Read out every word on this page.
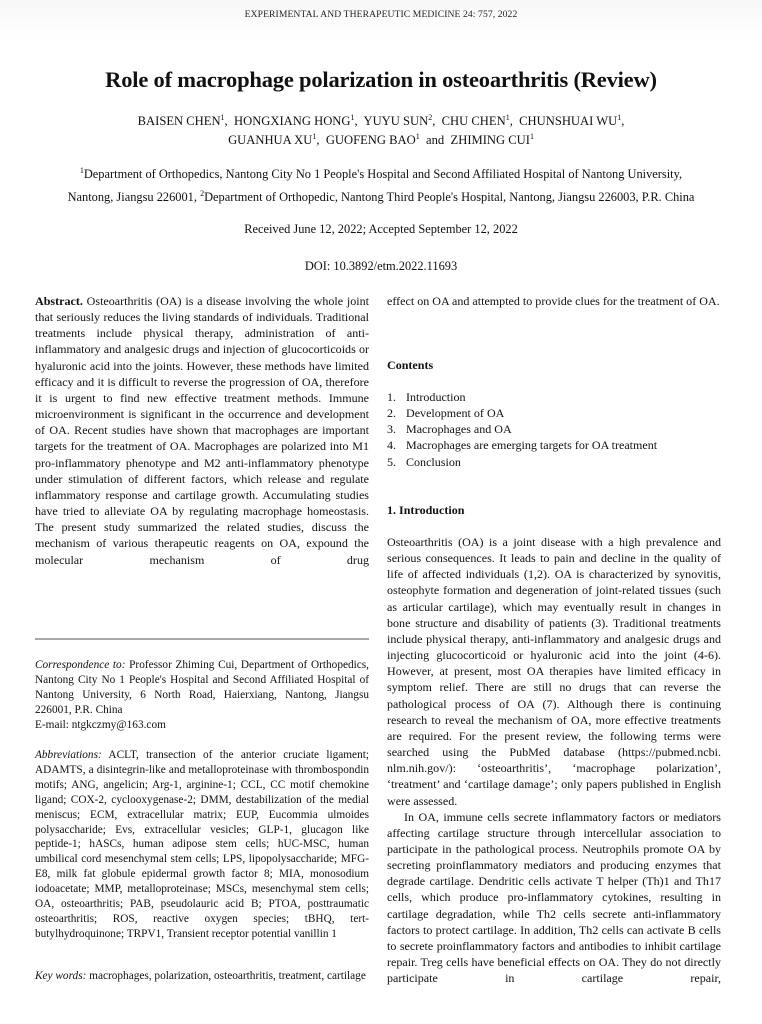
EXPERIMENTAL AND THERAPEUTIC MEDICINE 24: 757, 2022
Role of macrophage polarization in osteoarthritis (Review)
BAISEN CHEN$^1$,  HONGXIANG HONG$^1$,  YUYU SUN$^2$,  CHU CHEN$^1$,  CHUNSHUAI $WU^1$,
GUANHUA $XU^1$,  GUOFENG BAO$^1$ and ZHIMING CUI$^1$
$^1$Department of Orthopedics, Nantong City No 1 People's Hospital and Second Affiliated Hospital of Nantong University,
Nantong, Jiangsu 226001, $^2$Department of Orthopedic, Nantong Third People's Hospital, Nantong, Jiangsu 226003, P.R. China
Received June 12, 2022; Accepted September 12, 2022
DOI: 10.3892/etm.2022.11693

Abstract. Osteoarthritis (OA) is a disease involving the whole joint that seriously reduces the living standards of individuals. Traditional treatments include physical therapy, administration of anti-inflammatory and analgesic drugs and injection of glucocorticoids or hyaluronic acid into the joints. However, these methods have limited efficacy and it is difficult to reverse the progression of OA, therefore it is urgent to find new effective treatment methods. Immune microenvironment is significant in the occurrence and development of OA. Recent studies have shown that macrophages are important targets for the treatment of OA. Macrophages are polarized into M1 pro-inflammatory phenotype and M2 anti-inflammatory phenotype under stimulation of different factors, which release and regulate inflammatory response and cartilage growth. Accumulating studies have tried to alleviate OA by regulating macrophage homeostasis. The present study summarized the related studies, discuss the mechanism of various therapeutic reagents on OA, expound the molecular mechanism of drug

Correspondence to: Professor Zhiming Cui, Department of Orthopedics, Nantong City No 1 People's Hospital and Second Affiliated Hospital of Nantong University, 6 North Road, Haierxiang, Nantong, Jiangsu 226001, P.R. China

E-mail: ntgkczmy@163.com

Abbreviations: ACLT, transection of the anterior cruciate ligament; ADAMTS, a disintegrin-like and metalloproteinase with thrombospondin motifs; ANG, angelicin; Arg-1, arginine-1; CCL, CC motif chemokine ligand; COX-2, cyclooxygenase-2; DMM, destabilization of the medial meniscus; ECM, extracellular matrix; EUP, Eucommia ulmoides polysaccharide; Evs, extracellular vesicles; GLP-1, glucagon like peptide-1; hASCs, human adipose stem cells; hUC-MSC, human umbilical cord mesenchymal stem cells; LPS, lipopolysaccharide; MFG-E8, milk fat globule epidermal growth factor 8; MIA, monosodium iodoacetate; MMP, metalloproteinase; MSCs, mesenchymal stem cells; OA, osteoarthritis; PAB, pseudolauric acid B; PTOA, posttraumatic osteoarthritis; ROS, reactive oxygen species; tBHQ, tert-butylhydroquinone; TRPV1, Transient receptor potential vanillin 1

Key words: macrophages, polarization, osteoarthritis, treatment, cartilage

effect on OA and attempted to provide clues for the treatment of OA.

Contents
1. Introduction
2. Development of OA
3. Macrophages and OA
4. Macrophages are emerging targets for OA treatment
5. Conclusion
1. Introduction

Osteoarthritis (OA) is a joint disease with a high prevalence and serious consequences. It leads to pain and decline in the quality of life of affected individuals (1,2). OA is characterized by synovitis, osteophyte formation and degeneration of joint-related tissues (such as articular cartilage), which may eventually result in changes in bone structure and disability of patients (3). Traditional treatments include physical therapy, anti-inflammatory and analgesic drugs and injecting glucocorticoid or hyaluronic acid into the joint (4-6). However, at present, most OA therapies have limited efficacy in symptom relief. There are still no drugs that can reverse the pathological process of OA (7). Although there is continuing research to reveal the mechanism of OA, more effective treatments are required. For the present review, the following terms were searched using the PubMed database (https://pubmed.ncbi.​nlm.nih.gov/): ‘osteoarthritis’, ‘macrophage polarization’, ‘treatment’ and ‘cartilage damage’; only papers published in English were assessed.

In OA, immune cells secrete inflammatory factors or mediators affecting cartilage structure through intercellular association to participate in the pathological process. Neutrophils promote OA by secreting proinflammatory mediators and producing enzymes that degrade cartilage. Dendritic cells activate T helper (Th)1 and Th17 cells, which produce pro-inflammatory cytokines, resulting in cartilage degradation, while Th2 cells secrete anti-inflammatory factors to protect cartilage. In addition, Th2 cells can activate B cells to secrete proinflammatory factors and antibodies to inhibit cartilage repair. Treg cells have beneficial effects on OA. They do not directly participate in cartilage repair,
